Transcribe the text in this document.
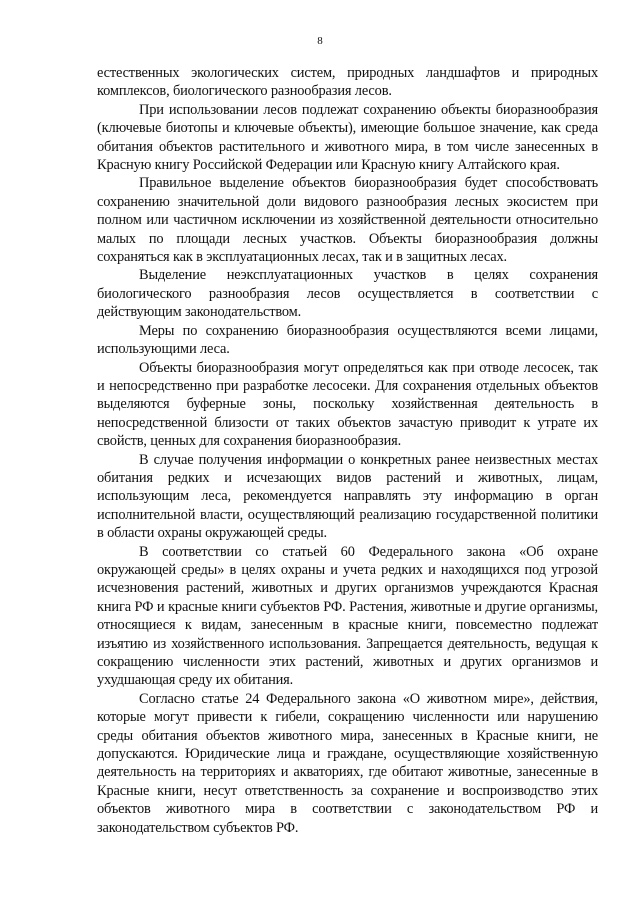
8

естественных экологических систем, природных ландшафтов и природных комплексов, биологического разнообразия лесов.

При использовании лесов подлежат сохранению объекты биоразнообразия (ключевые биотопы и ключевые объекты), имеющие большое значение, как среда обитания объектов растительного и животного мира, в том числе занесенных в Красную книгу Российской Федерации или Красную книгу Алтайского края.

Правильное выделение объектов биоразнообразия будет способствовать сохранению значительной доли видового разнообразия лесных экосистем при полном или частичном исключении из хозяйственной деятельности относительно малых по площади лесных участков. Объекты биоразнообразия должны сохраняться как в эксплуатационных лесах, так и в защитных лесах.

Выделение неэксплуатационных участков в целях сохранения биологического разнообразия лесов осуществляется в соответствии с действующим законодательством.

Меры по сохранению биоразнообразия осуществляются всеми лицами, использующими леса.

Объекты биоразнообразия могут определяться как при отводе лесосек, так и непосредственно при разработке лесосеки. Для сохранения отдельных объектов выделяются буферные зоны, поскольку хозяйственная деятельность в непосредственной близости от таких объектов зачастую приводит к утрате их свойств, ценных для сохранения биоразнообразия.

В случае получения информации о конкретных ранее неизвестных местах обитания редких и исчезающих видов растений и животных, лицам, использующим леса, рекомендуется направлять эту информацию в орган исполнительной власти, осуществляющий реализацию государственной политики в области охраны окружающей среды.

В соответствии со статьей 60 Федерального закона «Об охране окружающей среды» в целях охраны и учета редких и находящихся под угрозой исчезновения растений, животных и других организмов учреждаются Красная книга РФ и красные книги субъектов РФ. Растения, животные и другие организмы, относящиеся к видам, занесенным в красные книги, повсеместно подлежат изъятию из хозяйственного использования. Запрещается деятельность, ведущая к сокращению численности этих растений, животных и других организмов и ухудшающая среду их обитания.

Согласно статье 24 Федерального закона «О животном мире», действия, которые могут привести к гибели, сокращению численности или нарушению среды обитания объектов животного мира, занесенных в Красные книги, не допускаются. Юридические лица и граждане, осуществляющие хозяйственную деятельность на территориях и акваториях, где обитают животные, занесенные в Красные книги, несут ответственность за сохранение и воспроизводство этих объектов животного мира в соответствии с законодательством РФ и законодательством субъектов РФ.
